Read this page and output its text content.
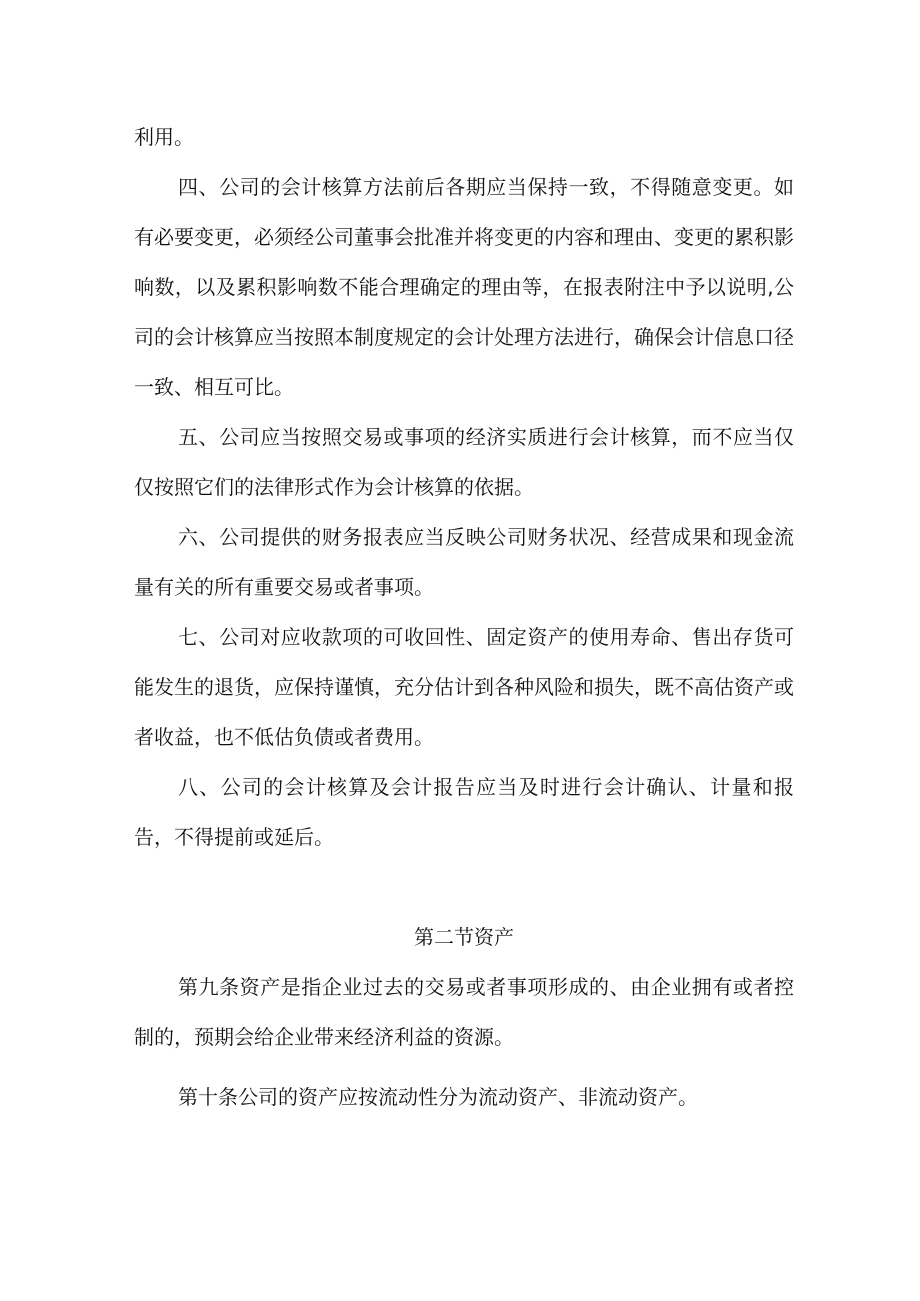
利用。

四、公司的会计核算方法前后各期应当保持一致，不得随意变更。如有必要变更，必须经公司董事会批准并将变更的内容和理由、变更的累积影响数，以及累积影响数不能合理确定的理由等，在报表附注中予以说明,公司的会计核算应当按照本制度规定的会计处理方法进行，确保会计信息口径一致、相互可比。

五、公司应当按照交易或事项的经济实质进行会计核算，而不应当仅仅按照它们的法律形式作为会计核算的依据。

六、公司提供的财务报表应当反映公司财务状况、经营成果和现金流量有关的所有重要交易或者事项。

七、公司对应收款项的可收回性、固定资产的使用寿命、售出存货可能发生的退货，应保持谨慎，充分估计到各种风险和损失，既不高估资产或者收益，也不低估负债或者费用。

八、公司的会计核算及会计报告应当及时进行会计确认、计量和报告，不得提前或延后。

第二节资产

第九条资产是指企业过去的交易或者事项形成的、由企业拥有或者控制的，预期会给企业带来经济利益的资源。

第十条公司的资产应按流动性分为流动资产、非流动资产。
